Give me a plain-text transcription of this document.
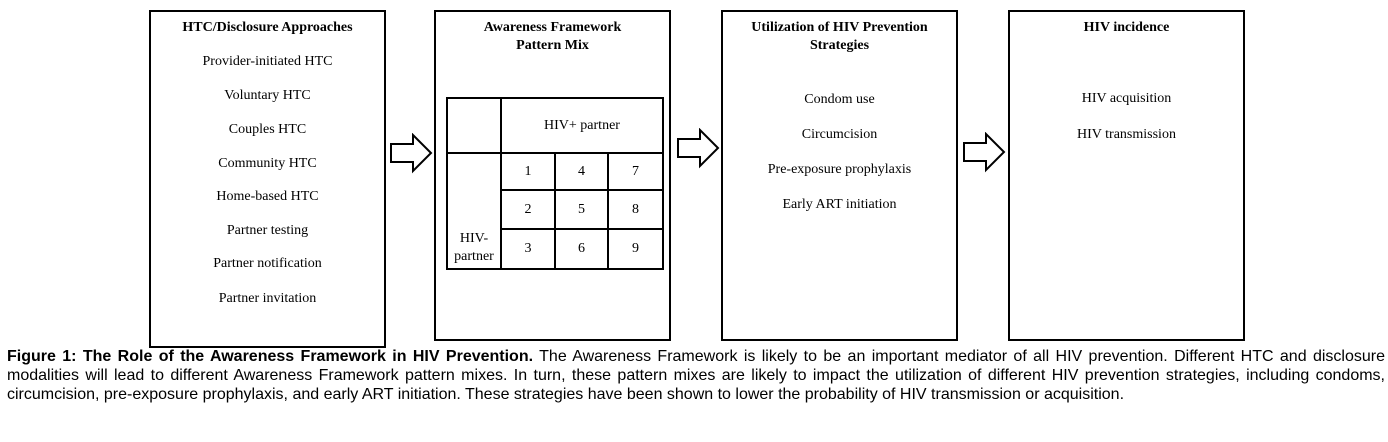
HTC/Disclosure Approaches
Provider-initiated HTC
Voluntary HTC
Couples HTC
Community HTC
Home-based HTC
Partner testing
Partner notification
Partner invitation
Awareness Framework
Pattern Mix
	HIV+ partner		

HIV-
partner	1	4	7
	2	5	8
	3	6	9
Utilization of HIV Prevention
Strategies
Condom use
Circumcision
Pre-exposure prophylaxis
Early ART initiation
HIV incidence
HIV acquisition
HIV transmission
Figure 1: The Role of the Awareness Framework in HIV Prevention. The Awareness Framework is likely to be an important mediator of all HIV prevention. Different HTC and disclosure modalities will lead to different Awareness Framework pattern mixes. In turn, these pattern mixes are likely to impact the utilization of different HIV prevention strategies, including condoms, circumcision, pre-exposure prophylaxis, and early ART initiation. These strategies have been shown to lower the probability of HIV transmission or acquisition.
